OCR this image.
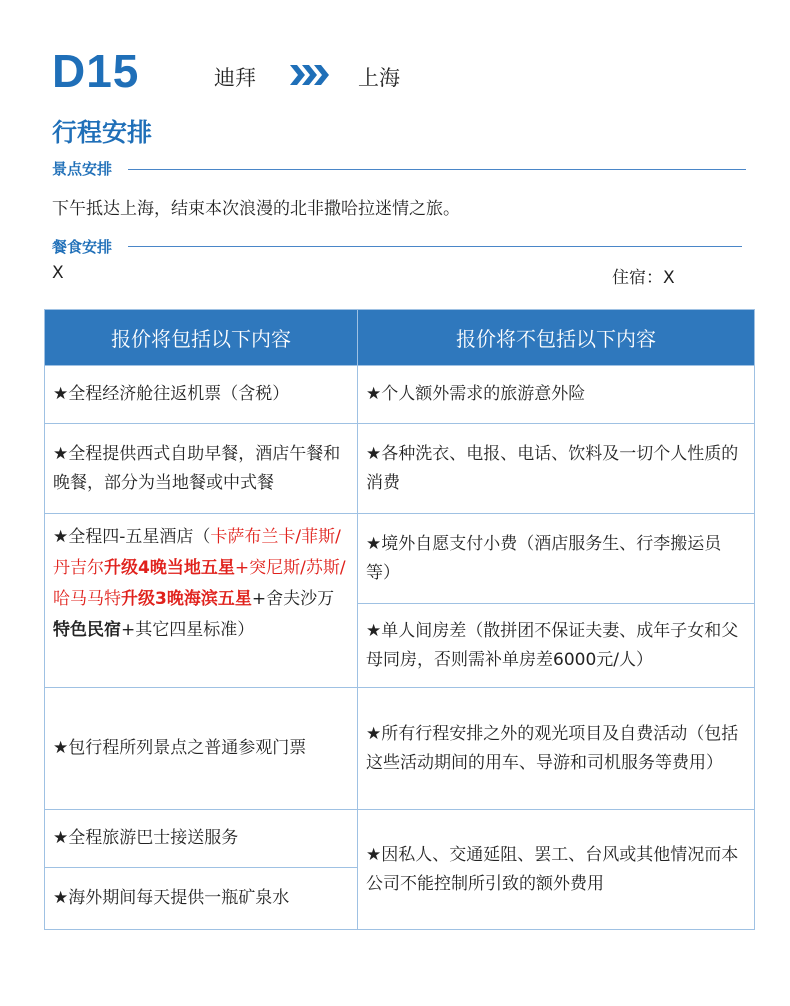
D15	迪拜	上海
行程安排
景点安排
下午抵达上海，结束本次浪漫的北非撒哈拉迷情之旅。
餐食安排
X	住宿：X
报价将包括以下内容	报价将不包括以下内容
★全程经济舱往返机票（含税）	★个人额外需求的旅游意外险
★全程提供西式自助早餐，酒店午餐和晚餐，部分为当地餐或中式餐	★各种洗衣、电报、电话、饮料及一切个人性质的消费
★全程四-五星酒店（卡萨布兰卡/菲斯/丹吉尔升级4晚当地五星+突尼斯/苏斯/哈马马特升级3晚海滨五星+舍夫沙万特色民宿+其它四星标准）	★境外自愿支付小费（酒店服务生、行李搬运员等）
	★单人间房差（散拼团不保证夫妻、成年子女和父母同房，否则需补单房差6000元/人）
★包行程所列景点之普通参观门票	★所有行程安排之外的观光项目及自费活动（包括这些活动期间的用车、导游和司机服务等费用）
★全程旅游巴士接送服务	★因私人、交通延阻、罢工、台风或其他情况而本公司不能控制所引致的额外费用
★海外期间每天提供一瓶矿泉水	
